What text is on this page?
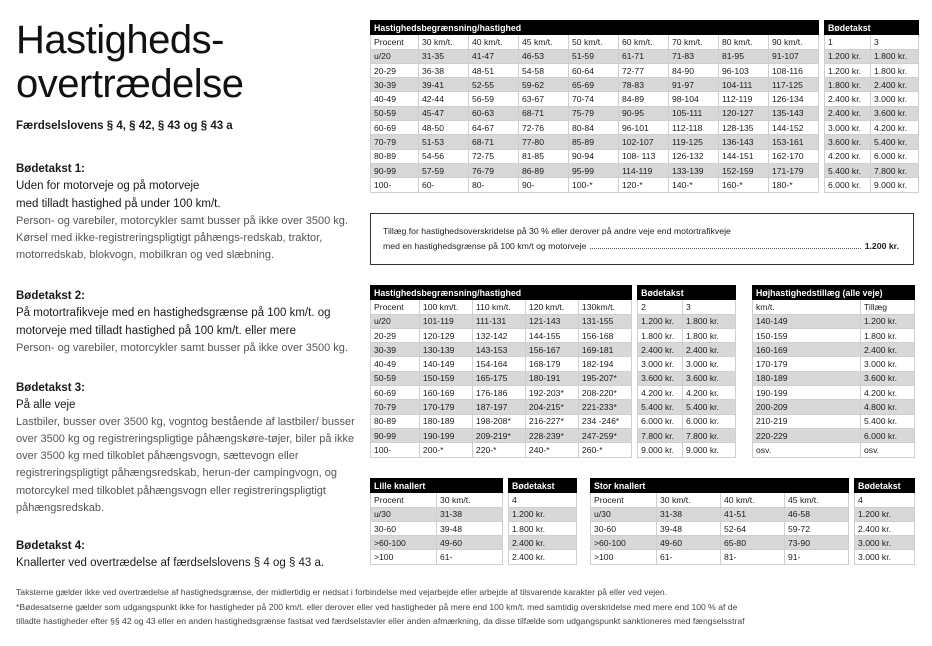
Hastigheds-
overtrædelse
Færdselslovens § 4, § 42, § 43 og § 43 a
Bødetakst 1:
Uden for motorveje og på motorveje
med tilladt hastighed på under 100 km/t.
Person- og varebiler, motorcykler samt busser på ikke over 3500 kg. Kørsel med ikke-registreringspligtigt påhængs-redskab, traktor, motorredskab, blokvogn, mobilkran og ved slæbning.
Bødetakst 2:
På motortrafikveje med en hastighedsgrænse på 100 km/t. og motorveje med tilladt hastighed på 100 km/t. eller mere
Person- og varebiler, motorcykler samt busser på ikke over 3500 kg.
Bødetakst 3:
På alle veje
Lastbiler, busser over 3500 kg, vogntog bestående af lastbiler/ busser over 3500 kg og registreringspligtige påhængskøre-tøjer, biler på ikke over 3500 kg med tilkoblet påhængsvogn, sættevogn eller registreringspligtigt påhængsredskab, herun-der campingvogn, og motorcykel med tilkoblet påhængsvogn eller registreringspligtigt påhængsredskab.
Bødetakst 4:
Knallerter ved overtrædelse af færdselslovens § 4 og § 43 a.
Hastighedsbegrænsning/hastighed										Bødetakst	
Procent	30 km/t.	40 km/t.	45 km/t.	50 km/t.	60 km/t.	70 km/t.	80 km/t.	90 km/t.		1	3
u/20	31-35	41-47	46-53	51-59	61-71	71-83	81-95	91-107		1.200 kr.	1.800 kr.
20-29	36-38	48-51	54-58	60-64	72-77	84-90	96-103	108-116		1.200 kr.	1.800 kr.
30-39	39-41	52-55	59-62	65-69	78-83	91-97	104-111	117-125		1.800 kr.	2.400 kr.
40-49	42-44	56-59	63-67	70-74	84-89	98-104	112-119	126-134		2.400 kr.	3.000 kr.
50-59	45-47	60-63	68-71	75-79	90-95	105-111	120-127	135-143		2.400 kr.	3.600 kr.
60-69	48-50	64-67	72-76	80-84	96-101	112-118	128-135	144-152		3.000 kr.	4.200 kr.
70-79	51-53	68-71	77-80	85-89	102-107	119-125	136-143	153-161		3.600 kr.	5.400 kr.
80-89	54-56	72-75	81-85	90-94	108- 113	126-132	144-151	162-170		4.200 kr.	6.000 kr.
90-99	57-59	76-79	86-89	95-99	114-119	133-139	152-159	171-179		5.400 kr.	7.800 kr.
100-	60-	80-	90-	100-*	120-*	140-*	160-*	180-*		6.000 kr.	9.000 kr.
Tillæg for hastighedsoverskridelse på 30 % eller derover på andre veje end motortrafikveje
med en hastighedsgrænse på 100 km/t og motorveje	1.200 kr.
Hastighedsbegrænsning/hastighed						Bødetakst	
Procent	100 km/t.	110 km/t.	120 km/t.	130km/t.		2	3
u/20	101-119	111-131	121-143	131-155		1.200 kr.	1.800 kr.
20-29	120-129	132-142	144-155	156-168		1.800 kr.	1.800 kr.
30-39	130-139	143-153	156-167	169-181		2.400 kr.	2.400 kr.
40-49	140-149	154-164	168-179	182-194		3.000 kr.	3.000 kr.
50-59	150-159	165-175	180-191	195-207*		3.600 kr.	3.600 kr.
60-69	160-169	176-186	192-203*	208-220*		4.200 kr.	4.200 kr.
70-79	170-179	187-197	204-215*	221-233*		5.400 kr.	5.400 kr.
80-89	180-189	198-208*	216-227*	234 -246*		6.000 kr.	6.000 kr.
90-99	190-199	209-219*	228-239*	247-259*		7.800 kr.	7.800 kr.
100-	200-*	220-*	240-*	260-*		9.000 kr.	9.000 kr.
Højhastighedstillæg (alle veje)	
km/t.	Tillæg
140-149	1.200 kr.
150-159	1.800 kr.
160-169	2.400 kr.
170-179	3.000 kr.
180-189	3.600 kr.
190-199	4.200 kr.
200-209	4.800 kr.
210-219	5.400 kr.
220-229	6.000 kr.
osv.	osv.
Lille knallert			Bødetakst
Procent	30 km/t.		4
u/30	31-38		1.200 kr.
30-60	39-48		1.800 kr.
>60-100	49-60		2.400 kr.
>100	61-		2.400 kr.
Stor knallert					Bødetakst
Procent	30 km/t.	40 km/t.	45 km/t.		4
u/30	31-38	41-51	46-58		1.200 kr.
30-60	39-48	52-64	59-72		2.400 kr.
>60-100	49-60	65-80	73-90		3.000 kr.
>100	61-	81-	91-		3.000 kr.
Taksterne gælder ikke ved overtrædelse af hastighedsgrænse, der midlertidig er nedsat i forbindelse med vejarbejde eller arbejde af tilsvarende karakter på eller ved vejen.
*Bødesatserne gælder som udgangspunkt ikke for hastigheder på 200 km/t. eller derover eller ved hastigheder på mere end 100 km/t. med samtidig overskridelse med mere end 100 % af de
tilladte hastigheder efter §§ 42 og 43 eller en anden hastighedsgrænse fastsat ved færdselstavler eller anden afmærkning, da disse tilfælde som udgangspunkt sanktioneres med fængselsstraf
